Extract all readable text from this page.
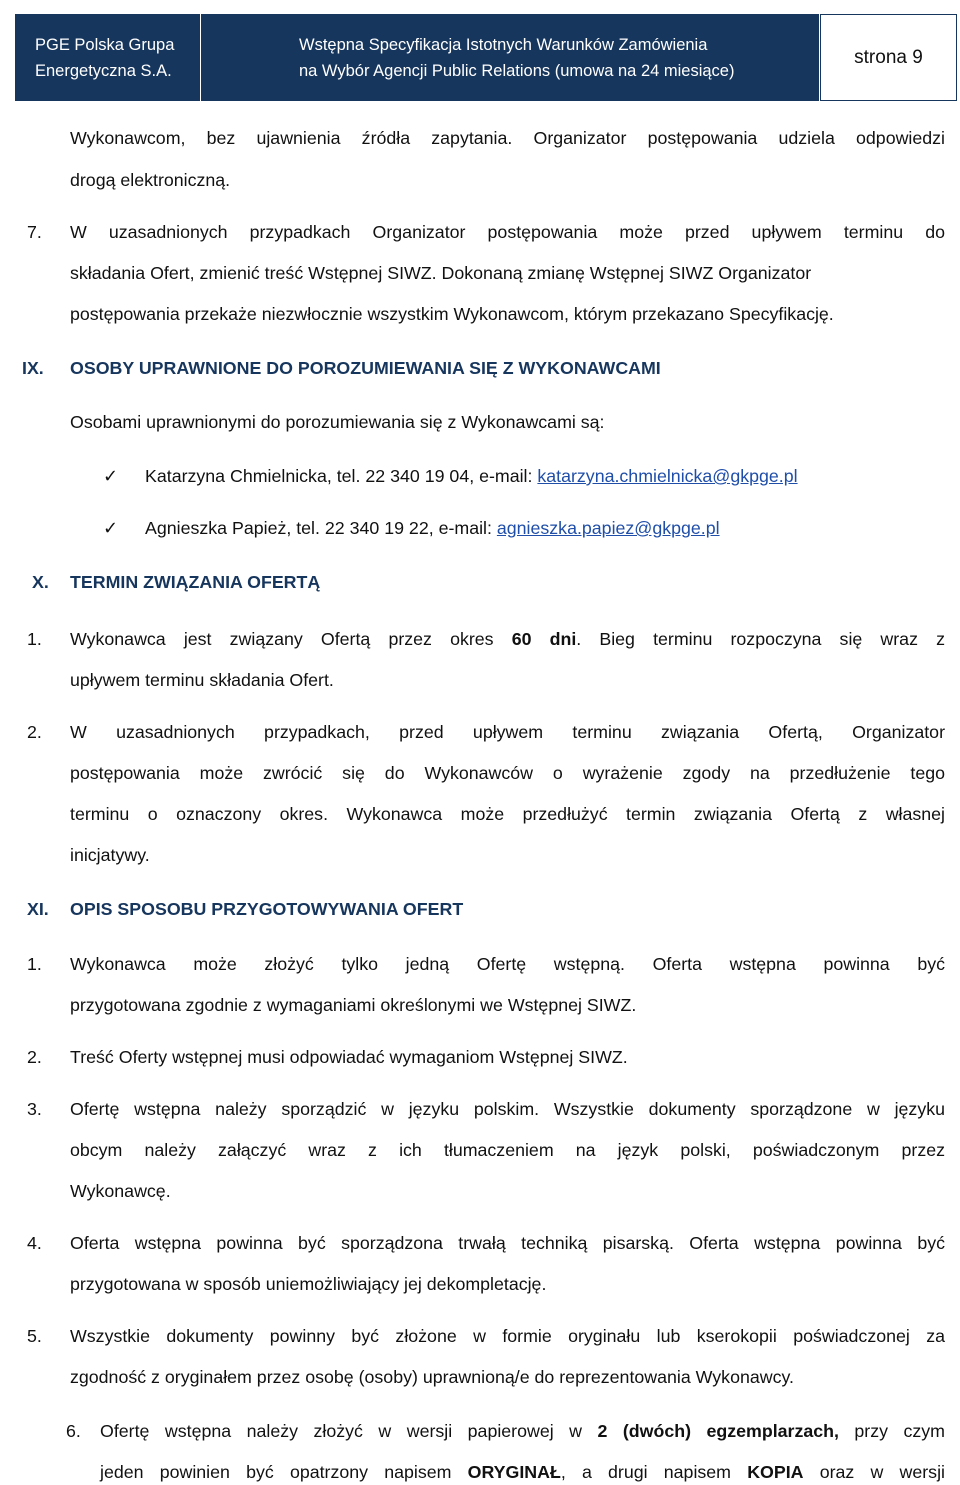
PGE Polska Grupa
Energetyczna S.A.
Wstępna Specyfikacja Istotnych Warunków Zamówienia
na Wybór Agencji Public Relations (umowa na 24 miesiące)
strona
9
Wykonawcom, bez ujawnienia źródła zapytania. Organizator postępowania udziela odpowiedzi
drogą elektroniczną.
7. W uzasadnionych przypadkach Organizator postępowania może przed upływem terminu do
składania Ofert, zmienić treść Wstępnej SIWZ. Dokonaną zmianę Wstępnej SIWZ Organizator
postępowania przekaże niezwłocznie wszystkim Wykonawcom, którym przekazano Specyfikację.
IX. OSOBY UPRAWNIONE DO POROZUMIEWANIA SIĘ Z WYKONAWCAMI
Osobami uprawnionymi do porozumiewania się z Wykonawcami są:
✓ Katarzyna Chmielnicka, tel. 22 340 19 04, e-mail: katarzyna.chmielnicka@gkpge.pl
✓ Agnieszka Papież, tel. 22 340 19 22, e-mail: agnieszka.papiez@gkpge.pl
X. TERMIN ZWIĄZANIA OFERTĄ
1. Wykonawca jest związany Ofertą przez okres 60 dni. Bieg terminu rozpoczyna się wraz z
upływem terminu składania Ofert.
2. W uzasadnionych przypadkach, przed upływem terminu związania Ofertą, Organizator
postępowania może zwrócić się do Wykonawców o wyrażenie zgody na przedłużenie tego
terminu o oznaczony okres. Wykonawca może przedłużyć termin związania Ofertą z własnej
inicjatywy.
XI. OPIS SPOSOBU PRZYGOTOWYWANIA OFERT
1. Wykonawca może złożyć tylko jedną Ofertę wstępną. Oferta wstępna powinna być
przygotowana zgodnie z wymaganiami określonymi we Wstępnej SIWZ.
2. Treść Oferty wstępnej musi odpowiadać wymaganiom Wstępnej SIWZ.
3. Ofertę wstępna należy sporządzić w języku polskim. Wszystkie dokumenty sporządzone w języku
obcym należy załączyć wraz z ich tłumaczeniem na język polski, poświadczonym przez
Wykonawcę.
4. Oferta wstępna powinna być sporządzona trwałą techniką pisarską. Oferta wstępna powinna być
przygotowana w sposób uniemożliwiający jej dekompletację.
5. Wszystkie dokumenty powinny być złożone w formie oryginału lub kserokopii poświadczonej za
zgodność z oryginałem przez osobę (osoby) uprawnioną/e do reprezentowania Wykonawcy.
6. Ofertę wstępna należy złożyć w wersji papierowej w 2 (dwóch) egzemplarzach, przy czym
jeden powinien być opatrzony napisem ORYGINAŁ, a drugi napisem KOPIA oraz w wersji
